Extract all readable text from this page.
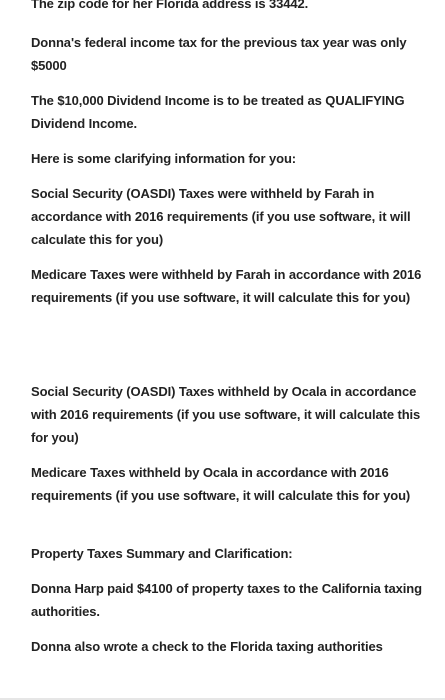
The zip code for her Florida address is 33442.

Donna's federal income tax for the previous tax year was only $5000

The $10,000 Dividend Income is to be treated as QUALIFYING Dividend Income.

Here is some clarifying information for you:

Social Security (OASDI) Taxes were withheld by Farah in accordance with 2016 requirements (if you use software, it will calculate this for you)

Medicare Taxes were withheld by Farah in accordance with 2016 requirements (if you use software, it will calculate this for you)

Social Security (OASDI) Taxes withheld by Ocala in accordance with 2016 requirements (if you use software, it will calculate this for you)

Medicare Taxes withheld by Ocala in accordance with 2016 requirements (if you use software, it will calculate this for you)

Property Taxes Summary and Clarification:

Donna Harp paid $4100 of property taxes to the California taxing authorities.

Donna also wrote a check to the Florida taxing authorities
